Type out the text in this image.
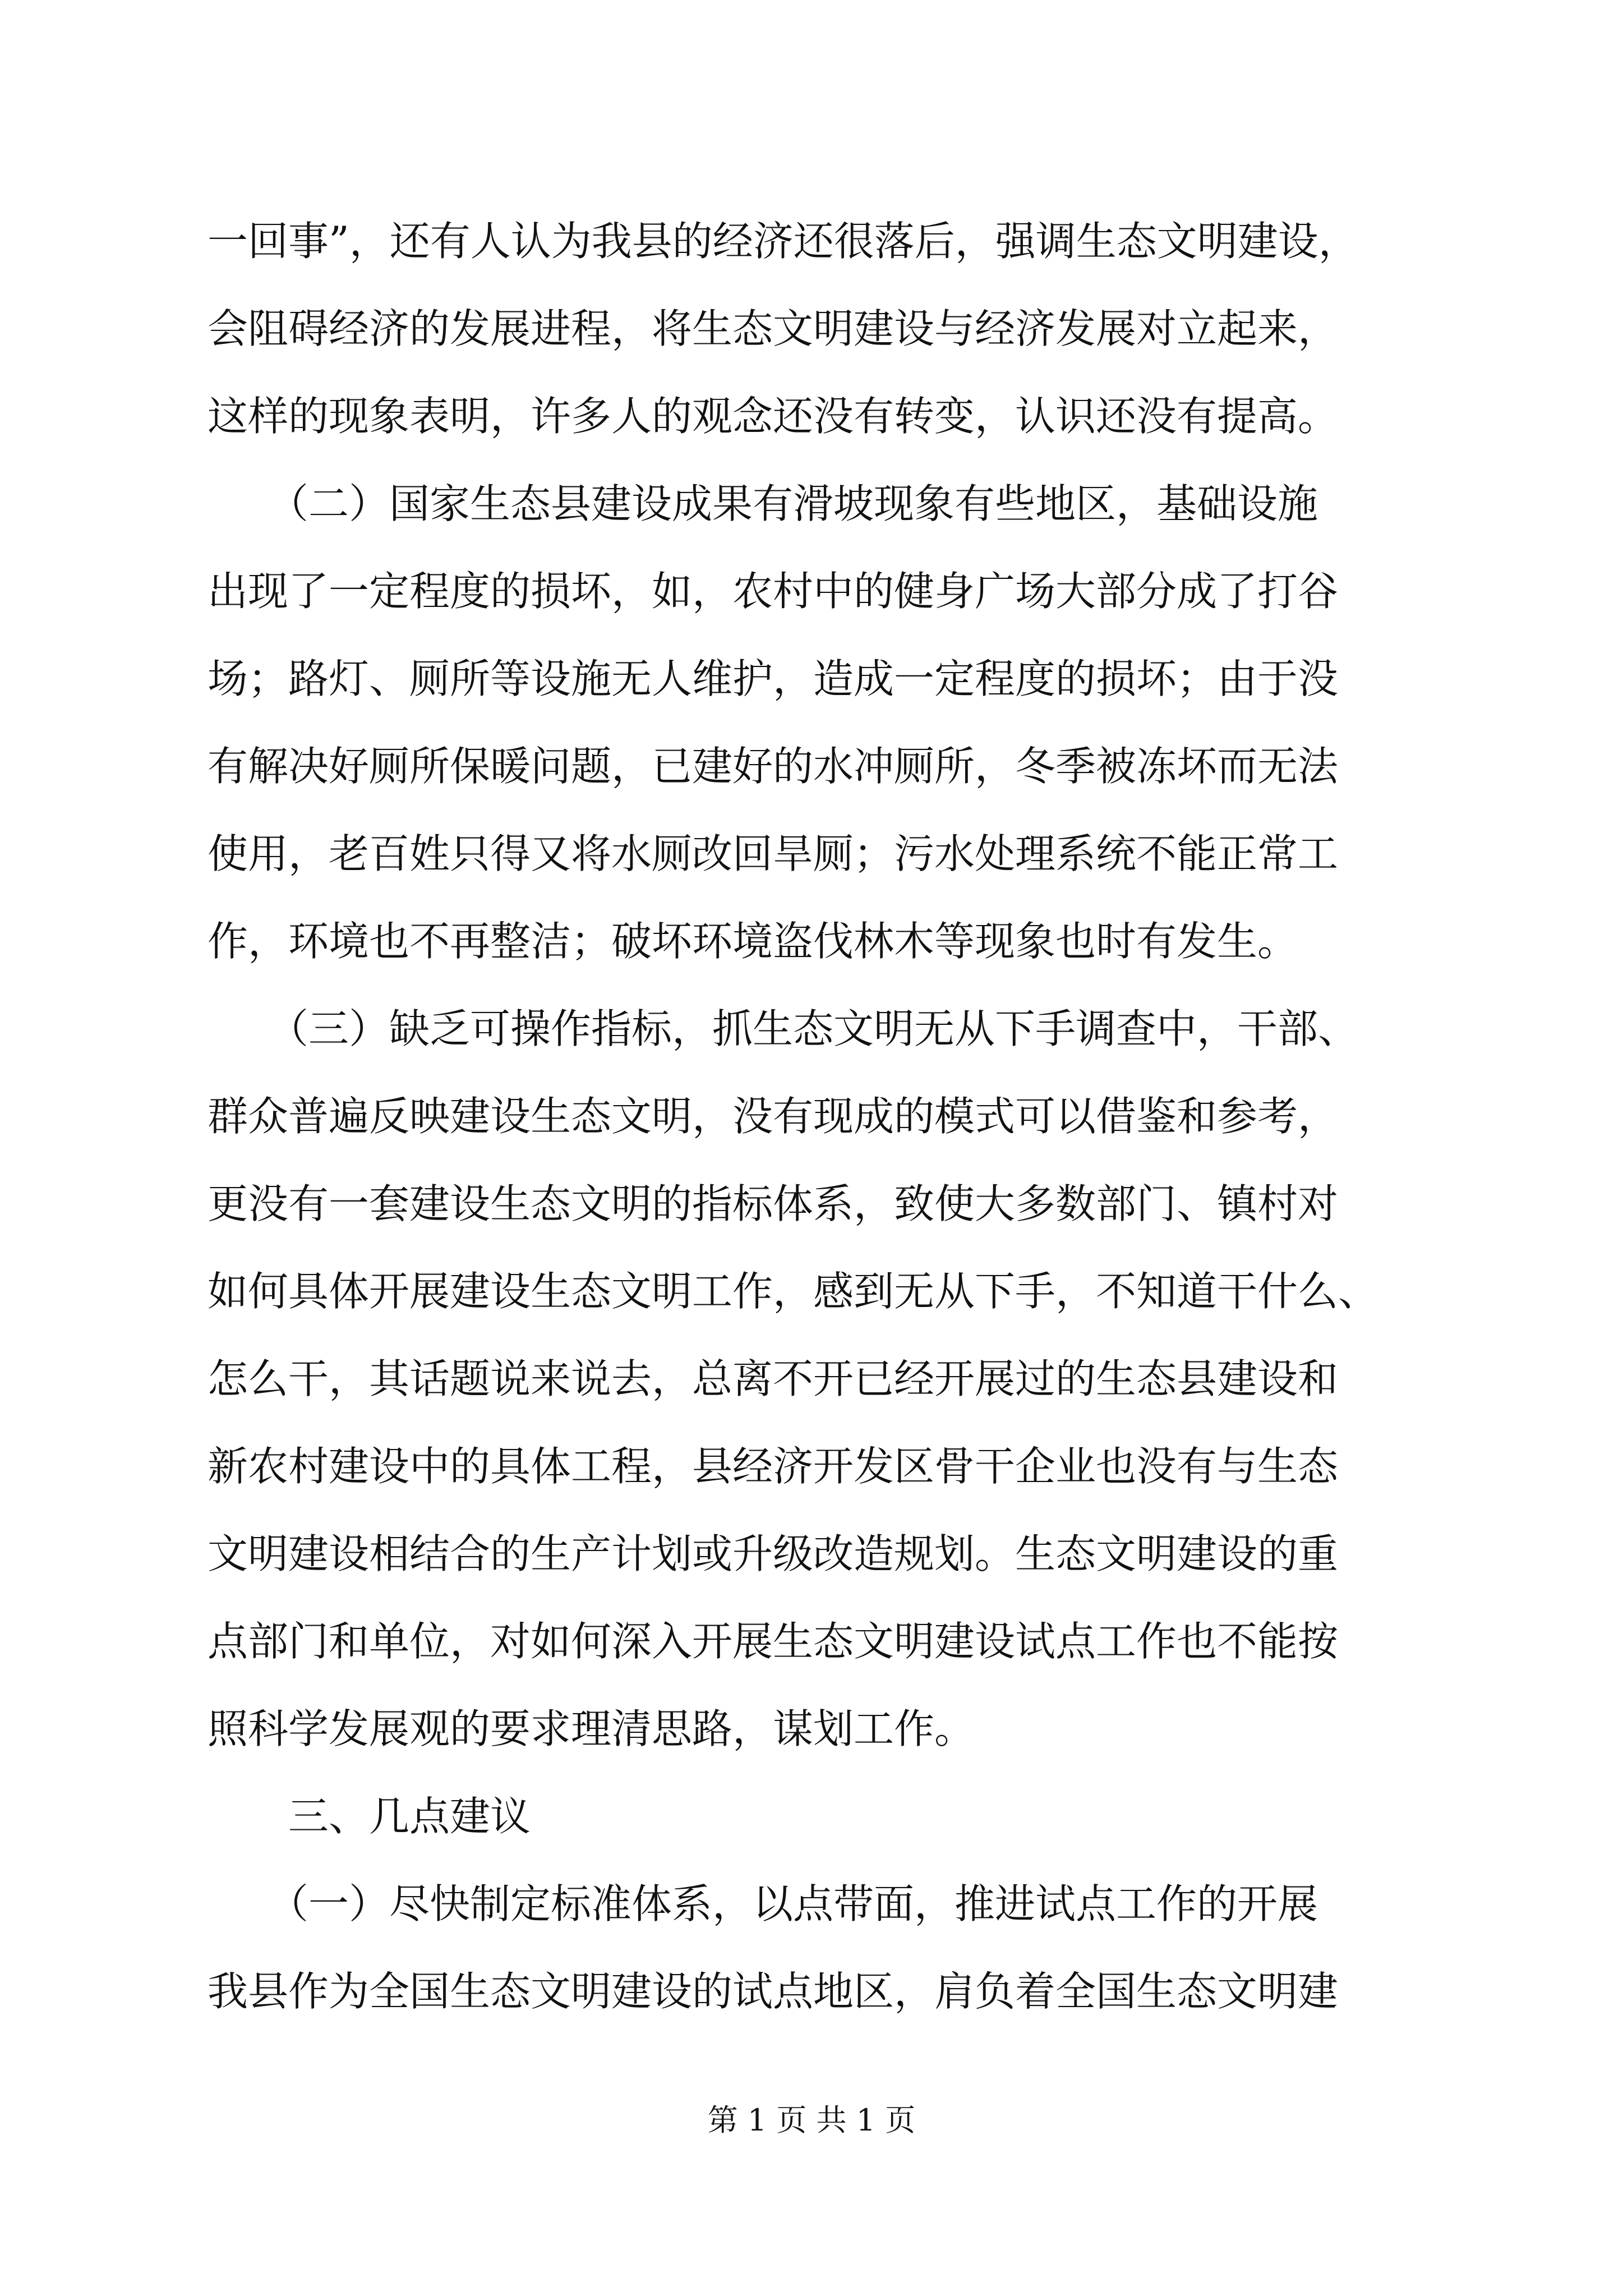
一回事”，还有人认为我县的经济还很落后，强调生态文明建设，
会阻碍经济的发展进程，将生态文明建设与经济发展对立起来，
这样的现象表明，许多人的观念还没有转变，认识还没有提高。
　　（二）国家生态县建设成果有滑坡现象有些地区，基础设施
出现了一定程度的损坏，如，农村中的健身广场大部分成了打谷
场；路灯、厕所等设施无人维护，造成一定程度的损坏；由于没
有解决好厕所保暖问题，已建好的水冲厕所，冬季被冻坏而无法
使用，老百姓只得又将水厕改回旱厕；污水处理系统不能正常工
作，环境也不再整洁；破坏环境盗伐林木等现象也时有发生。
　　（三）缺乏可操作指标，抓生态文明无从下手调查中，干部、
群众普遍反映建设生态文明，没有现成的模式可以借鉴和参考，
更没有一套建设生态文明的指标体系，致使大多数部门、镇村对
如何具体开展建设生态文明工作，感到无从下手，不知道干什么、
怎么干，其话题说来说去，总离不开已经开展过的生态县建设和
新农村建设中的具体工程，县经济开发区骨干企业也没有与生态
文明建设相结合的生产计划或升级改造规划。生态文明建设的重
点部门和单位，对如何深入开展生态文明建设试点工作也不能按
照科学发展观的要求理清思路，谋划工作。
　　三、几点建议
　　（一）尽快制定标准体系，以点带面，推进试点工作的开展
我县作为全国生态文明建设的试点地区，肩负着全国生态文明建
第 1 页 共 1 页
